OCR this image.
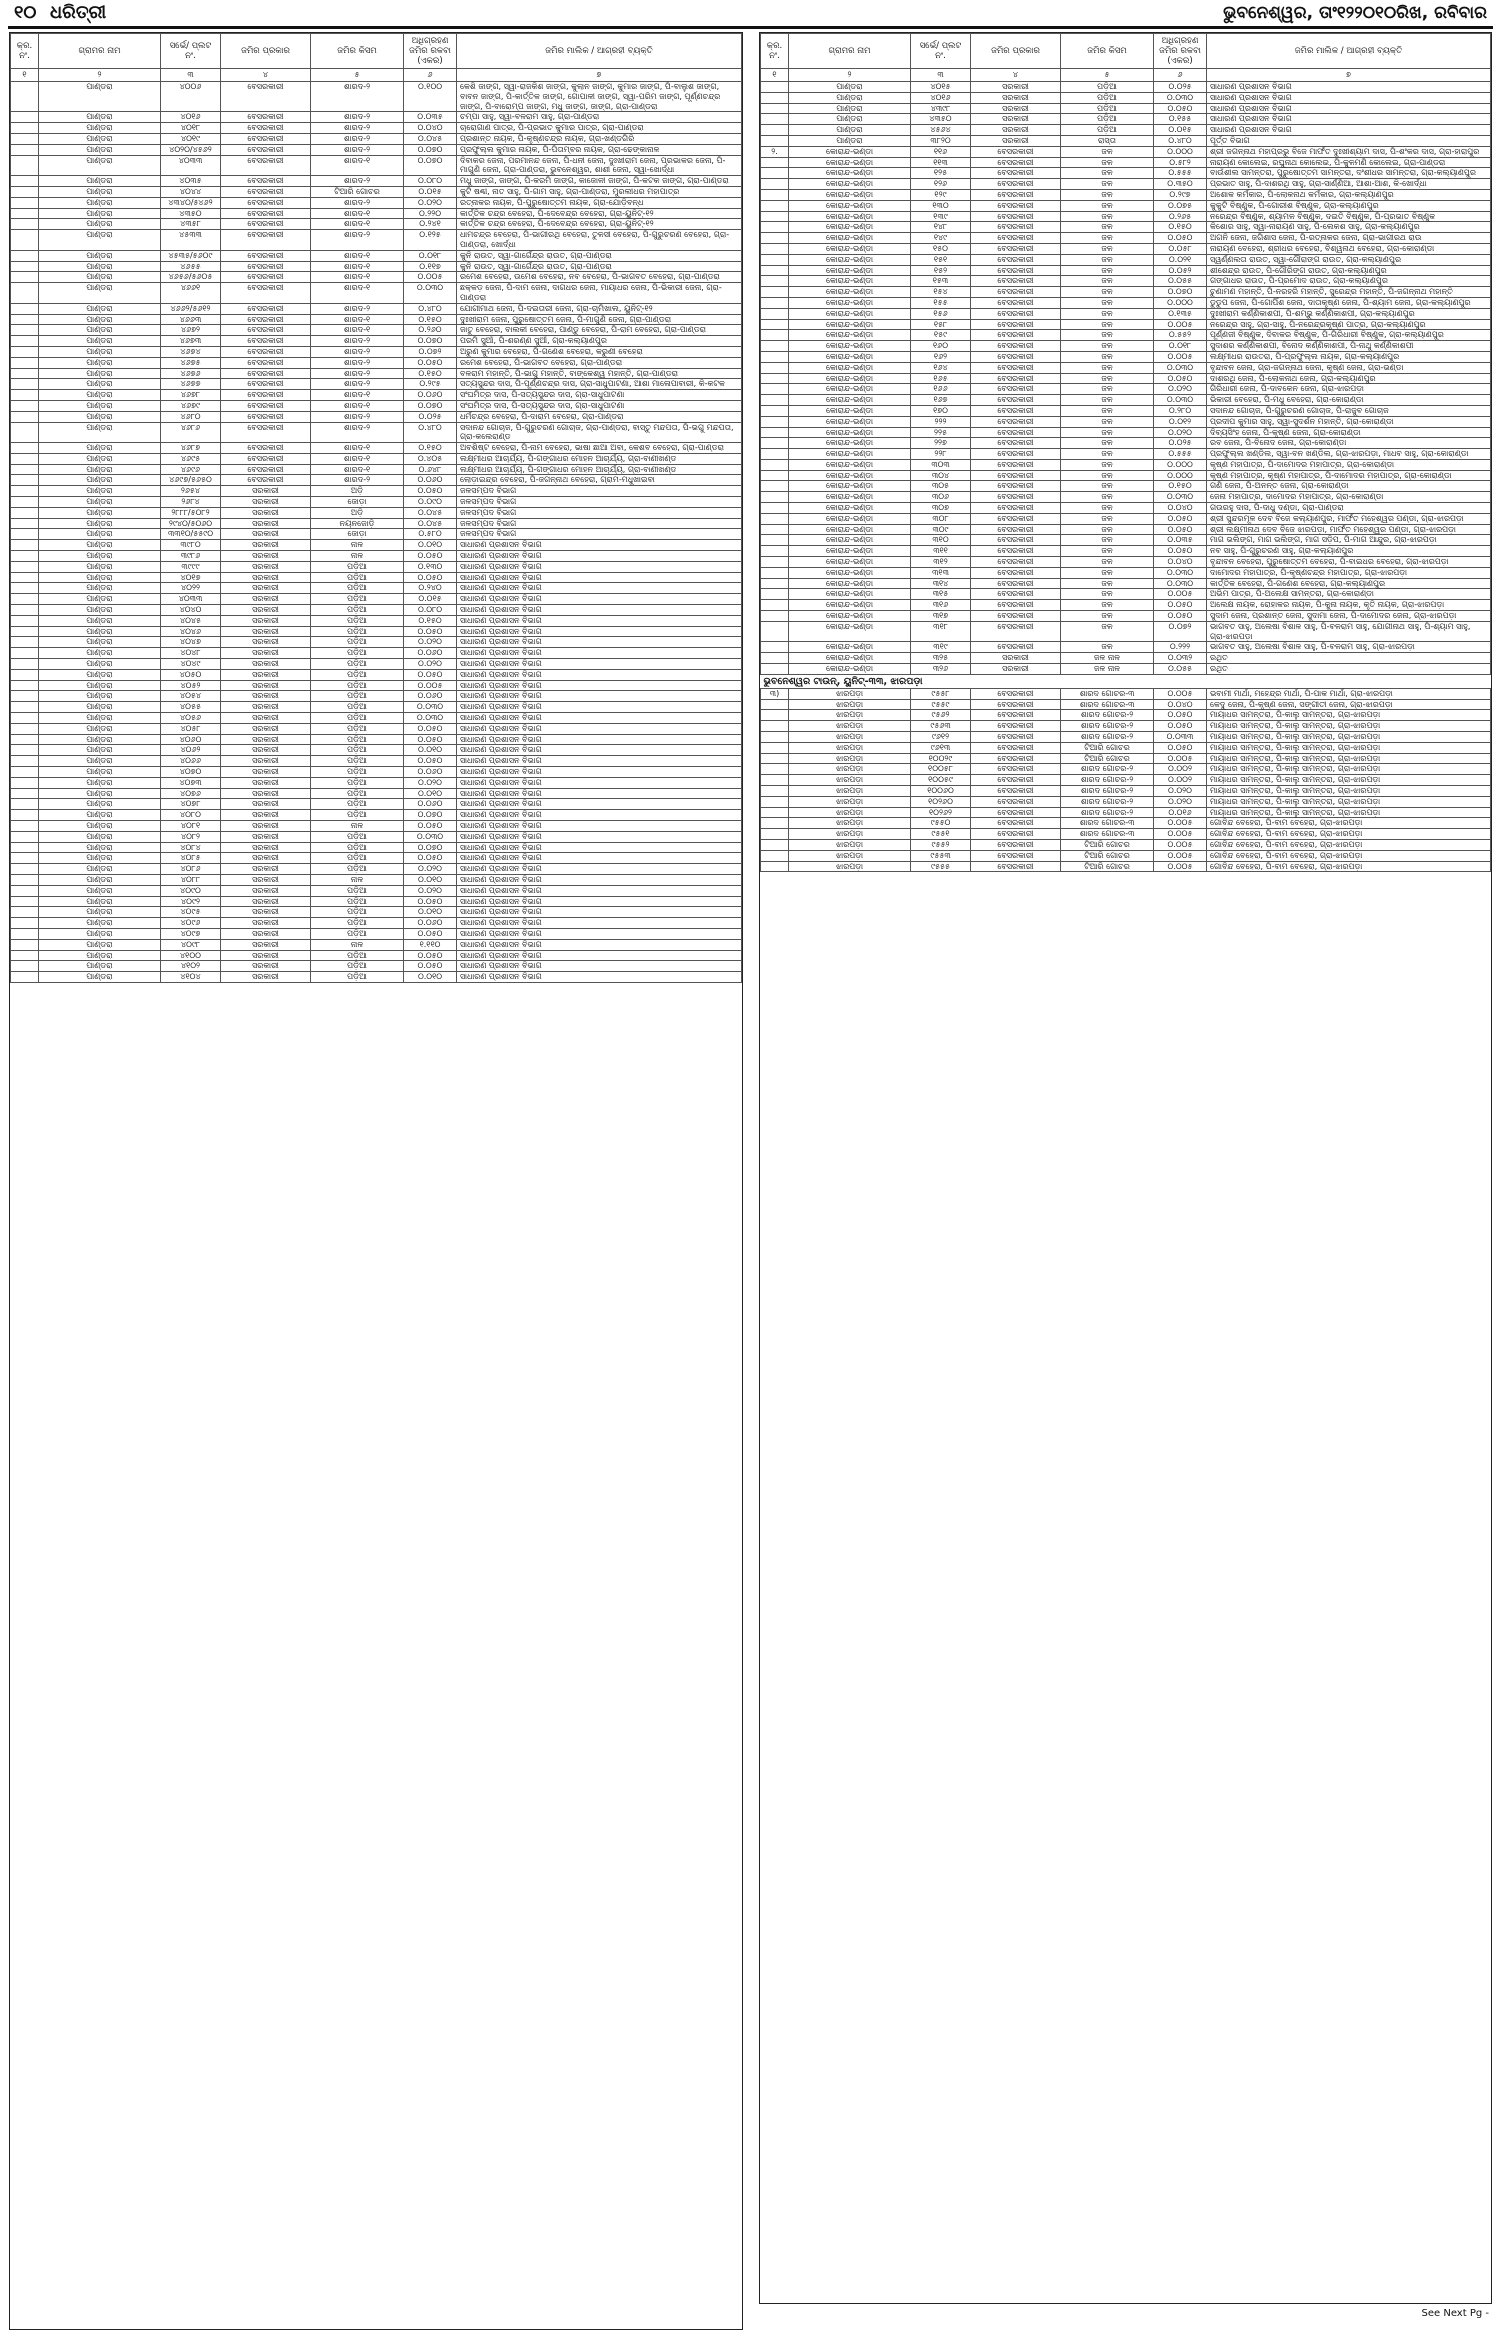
୧୦ ଧରିତ୍ରୀ	ଭୁବନେଶ୍ୱର, ତାଂ୧୨୨୦୧୦ରିଖ, ରବିବାର
କ୍ର. ନଂ.	ଗ୍ରାମର ନାମ	ସର୍ଭେ/ ପ୍ଲଟ ନଂ.	ଜମିର ପ୍ରକାର	ଜମିର କିସମ	ଅଧିଗ୍ରହଣ ଜମିର ରକବା (ଏକର)	ଜମିର ମାଲିକ / ଆଗ୍ରହୀ ବ୍ୟକ୍ତି
୧	୨	୩	୪	୫	୬	୭
	ପାଣ୍ଡରା	୪୦୦୬	ବେସରକାରୀ	ଶାରଦ-୨	୦.୧୦୦	କେଶି ଜାଙ୍ଗ, ସ୍ୱା-ରାଜକିଶ ଜାଙ୍ଗ, କୁଲାନ ଜାଙ୍ଗ, କୁମାର ଜାଙ୍ଗ, ପି-ବାଲୁଶ ଜାଙ୍ଗ, ବାବନ ଜାଙ୍ଗ, ପି-କାର୍ତ୍ତିକ ଜାଙ୍ଗ, ଗୋପାଳୀ ଜାଙ୍ଗ, ସ୍ୱା-ପରିମ ଜାଙ୍ଗ, ପୂର୍ଣ୍ଣଚନ୍ଦ୍ର ଜାଙ୍ଗ, ପି-ବାରୋମ୍ପ ଜାଙ୍ଗ, ମଧୁ ଜାଙ୍ଗ, ଜାଙ୍ଗ, ଗ୍ରା-ପାଣ୍ଡରା
	ପାଣ୍ଡରା	୪୦୧୬	ବେସରକାରୀ	ଶାରଦ-୨	୦.୦୩୫	ଚମ୍ପା ସାହୁ, ସ୍ୱା-ବଳରାମ ସାହୁ, ଗ୍ରା-ପାଣ୍ଡରା
	ପାଣ୍ଡରା	୪୦୧୮	ବେସରକାରୀ	ଶାରଦ-୨	୦.୦୪୦	ଚାରୋଗାଣ ପାତ୍ର, ପି-ପ୍ରଭାତ କୁମାର ପାତ୍ର, ଗ୍ରା-ପାଣ୍ଡରା
	ପାଣ୍ଡରା	୪୦୧୯	ବେସରକାରୀ	ଶାରଦ-୨	୦.୦୪୫	ପ୍ରଶାନ୍ତ ନାୟକ, ପି-କୃଷ୍ଣଚନ୍ଦ୍ର ନାୟକ, ଗ୍ରା-ଖଣ୍ଡଗିରି
	ପାଣ୍ଡରା	୪୦୨୦/୪୫୬୨	ବେସରକାରୀ	ଶାରଦ-୨	୦.୦୭୦	ପ୍ରଫୁଲ୍ଲ କୁମାର ନାୟକ, ପି-ପିତାମ୍ବର ନାୟକ, ଗ୍ରା-ଢେଙ୍କାନାଳ
	ପାଣ୍ଡରା	୪୦୩୩	ବେସରକାରୀ	ଶାରଦ-୧	୦.୦୭୦	ଦିବାକର ଜେନା, ପରମାନନ୍ଦ ଜେନା, ପି-ଧନୀ ଜେନା, ଦୁଃଖୀରାମ ଜେନା, ପ୍ରଭାକର ଜେନା, ପି-ମାଗୁଣି ଜେନା, ଗ୍ରା-ପାଣ୍ଡରା, ଭୁବନେଶ୍ୱର, ଶାଶୀ ଜେନା, ସ୍ୱା-ଖୋର୍ଦ୍ଧା
	ପାଣ୍ଡରା	୪୦୩୫	ବେସରକାରୀ	ଶାରଦ-୨	୦.୦୮୦	ମଧୁ ଜାଙ୍ଗ, ଜାଙ୍ଗ, ପି-କରମି ଜାଙ୍ଗ, କାଜୋଳୀ ଜାଙ୍ଗ, ପି-କଟକ ଜାଙ୍ଗ, ଗ୍ରା-ପାଣ୍ଡରା
	ପାଣ୍ଡରା	୪୦୪୪	ବେସରକାରୀ	ଟିଆରି ଗୋଚର	୦.୦୧୫	କୁଟି ଷଣ୍ଢୀ, ନାତ ସାହୁ, ପି-ଗାମ ସାହୁ, ଗ୍ରା-ପାଣ୍ଡରା, ମୁରଲୀଧର ମହାପାତ୍ର
	ପାଣ୍ଡରା	୪୩୪୦/୫୪୬୨	ବେସରକାରୀ	ଶାରଦ-୨	୦.୦୨୦	ରତ୍ନାକର ନାୟକ, ପି-ପୁରୁଷୋତ୍ତମ ନାୟକ, ଗ୍ରା-ଯୋଡ଼ିବନ୍ଧ
	ପାଣ୍ଡରା	୪୩୫୦	ବେସରକାରୀ	ଶାରଦ-୧	୦.୨୨୦	କାର୍ତ୍ତିକ ଚନ୍ଦ୍ର ବେହେରା, ପି-ଦେବେନ୍ଦ୍ର ବେହେରା, ଗ୍ରା-ୟୁନିଟ୍-୧୨
	ପାଣ୍ଡରା	୪୩୫୮	ବେସରକାରୀ	ଶାରଦ-୧	୦.୨୪୧	କାର୍ତ୍ତିକ ଚନ୍ଦ୍ର ବେହେରା, ପି-ଦେବେନ୍ଦ୍ର ବେହେରା, ଗ୍ରା-ୟୁନିଟ୍-୧୨
	ପାଣ୍ଡରା	୪୫୩୩	ବେସରକାରୀ	ଶାରଦ-୨	୦.୧୨୫	ଧାମଚନ୍ଦ୍ର ବେହେରା, ପି-ଭାଗୀରଥି ବେହେରା, ତୁଳସୀ ବେହେରା, ପି-ଗୁରୁଚରଣ ବେହେରା, ଗ୍ରା-ପାଣ୍ଡରା, ଖୋର୍ଦ୍ଧା
	ପାଣ୍ଡରା	୪୫୩୫/୫୬୦୯	ବେସରକାରୀ	ଶାରଦ-୧	୦.୦୧୮	କୁନି ରାଉତ, ସ୍ୱା-ଗାର୍ଗେନ୍ଦ୍ର ରାଉତ, ଗ୍ରା-ପାଣ୍ଡରା
	ପାଣ୍ଡରା	୪୬୫୫	ବେସରକାରୀ	ଶାରଦ-୧	୦.୧୧୭	କୁନି ରାଉତ, ସ୍ୱା-ଗାର୍ଗେନ୍ଦ୍ର ରାଉତ, ଗ୍ରା-ପାଣ୍ଡରା
	ପାଣ୍ଡରା	୪୬୫୬/୫୬୦୫	ବେସରକାରୀ	ଶାରଦ-୧	୦.୦୦୫	ରମେଶ ବେହେରା, ଉମେଶ ବେହେରା, ନବ ବେହେରା, ପି-ଭାଗବତ ବେହେରା, ଗ୍ରା-ପାଣ୍ଡରା
	ପାଣ୍ଡରା	୪୬୬୧	ବେସରକାରୀ	ଶାରଦ-୧	୦.୦୩୦	ଛକ୍କଡ଼ ଜେନା, ପି-ଦାମ ଜେନା, ଦାଗଧର ଜେନା, ମାୟାଧର ଜେନା, ପି-ଭିକାରୀ ଜେନା, ଗ୍ରା-ପାଣ୍ଡରା
	ପାଣ୍ଡରା	୪୬୬୨/୫୬୧୨	ବେସରକାରୀ	ଶାରଦ-୨	୦.୪୮୦	ଯୋଗୀମାଥ ଜେନା, ପି-ଦଇତାରୀ ଜେନା, ଗ୍ରା-ଚାମିଖାଲ, ୟୁନିଟ୍-୧୨
	ପାଣ୍ଡରା	୪୬୬୩	ବେସରକାରୀ	ଶାରଦ-୧	୦.୧୫୦	ଦୁଃଖୀରାମ ଜେନା, ପୁରୁଷୋତ୍ତମ ଜେନା, ପି-ମାଗୁଣି ଜେନା, ଗ୍ରା-ପାଣ୍ଡରା
	ପାଣ୍ଡରା	୪୬୭୨	ବେସରକାରୀ	ଶାରଦ-୧	୦.୨୬୦	ଜାତୁ ବେହେରା, ବାଲକୀ ବେହେରା, ପାଣ୍ଡୁ ବେହେରା, ପି-ରାମ ବେହେରା, ଗ୍ରା-ପାଣ୍ଡରା
	ପାଣ୍ଡରା	୪୬୭୩	ବେସରକାରୀ	ଶାରଦ-୨	୦.୦୭୦	ପରମି ସୁଆଁ, ପି-ଶରଣ୍ଣ ସୁଆଁ, ଗ୍ରା-କଲ୍ୟାଣପୁର
	ପାଣ୍ଡରା	୪୬୭୪	ବେସରକାରୀ	ଶାରଦ-୨	୦.୦୭୨	ଅରୁଣ କୁମାର ବେହେରା, ପି-ଗଣେଶ ବେହେରା, କରୁଣୀ ବେହେରା
	ପାଣ୍ଡରା	୪୬୭୫	ବେସରକାରୀ	ଶାରଦ-୨	୦.୦୫୦	ରମେଶ ବେହେରା, ପି-ଭାଗବତ ବେହେରା, ଗ୍ରା-ପାଣ୍ଡରା
	ପାଣ୍ଡରା	୪୬୭୬	ବେସରକାରୀ	ଶାରଦ-୨	୦.୧୫୦	ବଳରାମ ମହାନ୍ତି, ପି-ଭାଗୁ ମହାନ୍ତି, ବାଙ୍କେଶ୍ୱ ମହାନ୍ତି, ଗ୍ରା-ପାଣ୍ଡରା
	ପାଣ୍ଡରା	୪୬୭୭	ବେସରକାରୀ	ଶାରଦ-୨	୦.୨୯୫	ସତ୍ୟସୁନ୍ଦର ଦାସ, ପି-ପୂର୍ଣ୍ଣଚନ୍ଦ୍ର ଦାସ, ଗ୍ରା-ସାଧୁପାଟଣା, ଆଶା ମାଳୋପାବାରୀ, କି-କଟକ
	ପାଣ୍ଡରା	୪୬୭୮	ବେସରକାରୀ	ଶାରଦ-୧	୦.୦୬୦	ସଂଘମିତ୍ର ଦାସ, ପି-ସତ୍ୟସୁନ୍ଦର ଦାସ, ଗ୍ରା-ସାଧୁପାଟଣା
	ପାଣ୍ଡରା	୪୬୭୯	ବେସରକାରୀ	ଶାରଦ-୧	୦.୦୭୦	ସଂଘମିତ୍ର ଦାସ, ପି-ସତ୍ୟସୁନ୍ଦର ଦାସ, ଗ୍ରା-ସାଧୁପାଟଣା
	ପାଣ୍ଡରା	୪୬୮୦	ବେସରକାରୀ	ଶାରଦ-୨	୦.୦୨୫	ଧର୍ମଚନ୍ଦ୍ର ବେହେରା, ପି-ଦାରାମ ବେହେରା, ଗ୍ରା-ପାଣ୍ଡରା
	ପାଣ୍ଡରା	୪୬୮୬	ବେସରକାରୀ	ଶାରଦ-୨	୦.୪୮୦	ସଦାନନ୍ଦ ଗୋଚାଜ, ପି-ଗୁରୁଚରଣ ଗୋଚାଜ, ଗ୍ରା-ପାଣ୍ଡରା, ବାସ୍ତୁ ମନ୍ଦପତା, ପି-ଭଗୁ ମନ୍ଦପତା, ଗ୍ରା-କଲେରାଣ୍ଡ
	ପାଣ୍ଡରା	୪୬୮୭	ବେସରକାରୀ	ଶାରଦ-୧	୦.୧୫୦	ଅବଶିଷ୍ଟ ବେହେରା, ପି-ନାମ ବେହେରା, ଭାଷା ଛାଆ ଅବା, କେଶବ ବେହେରା, ଗ୍ରା-ପାଣ୍ଡରା
	ପାଣ୍ଡରା	୪୬୯୫	ବେସରକାରୀ	ଶାରଦ-୧	୦.୪୦୫	ଲକ୍ଷ୍ମୀଧର ଆଚାର୍ଯ୍ୟ, ପି-ଗଙ୍ଗାଧର ମୋହନ ଆଚାର୍ଯ୍ୟ, ଗ୍ରା-ବାଣୀଖଣ୍ଡ
	ପାଣ୍ଡରା	୪୬୯୬	ବେସରକାରୀ	ଶାରଦ-୧	୦.୬୪୮	ଲକ୍ଷ୍ମୀଧର ଆଚାର୍ଯ୍ୟ, ପି-ଗଙ୍ଗାଧର ମୋହନ ଆଚାର୍ଯ୍ୟ, ଗ୍ରା-ବାଣୀଖଣ୍ଡ
	ପାଣ୍ଡରା	୪୬୯୭/୫୬୫୦	ବେସରକାରୀ	ଶାରଦ-୨	୦.୦୬୦	ଲୋଡ଼ାଇନ୍ଦ୍ର ବେହେରା, ପି-ଜଗନ୍ନାଥ ବେହେରା, ଗ୍ରାମ-ମଧୁଖାଇବା
	ପାଣ୍ଡରା	୨୬୫୪	ସରକାରୀ	ଅଡ଼ି	୦.୦୫୦	ଜଳସମ୍ପଦ ବିଭାଗ
	ପାଣ୍ଡରା	୨୬୮୪	ସରକାରୀ	ଜୋଡ଼ା	୦.୦୯୦	ଜଳସମ୍ପଦ ବିଭାଗ
	ପାଣ୍ଡରା	୨୮୮୮/୫୦୮୨	ସରକାରୀ	ଅଡ଼ି	୦.୦୪୫	ଜଳସମ୍ପଦ ବିଭାଗ
	ପାଣ୍ଡରା	୨୯୪୦/୫୦୬୦	ସରକାରୀ	ନୟନଜୋଡ଼ି	୦.୦୪୫	ଜଳସମ୍ପଦ ବିଭାଗ
	ପାଣ୍ଡରା	୩୩୧୦/୫୫୯୦	ସରକାରୀ	ଜୋଡ଼ା	୦.୫୮୦	ଜଳସମ୍ପଦ ବିଭାଗ
	ପାଣ୍ଡରା	୩୯୮୦	ସରକାରୀ	ନାଳ	୦.୦୧୦	ସାଧାରଣ ପ୍ରଶାସନ ବିଭାଗ
	ପାଣ୍ଡରା	୩୯୮୬	ସରକାରୀ	ନାଳ	୦.୦୫୦	ସାଧାରଣ ପ୍ରଶାସନ ବିଭାଗ
	ପାଣ୍ଡରା	୩୯୯୯	ସରକାରୀ	ପଡ଼ିଆ	୦.୧୩୦	ସାଧାରଣ ପ୍ରଶାସନ ବିଭାଗ
	ପାଣ୍ଡରା	୪୦୧୭	ସରକାରୀ	ପଡ଼ିଆ	୦.୦୫୦	ସାଧାରଣ ପ୍ରଶାସନ ବିଭାଗ
	ପାଣ୍ଡରା	୪୦୨୨	ସରକାରୀ	ପଡ଼ିଆ	୦.୨୪୦	ସାଧାରଣ ପ୍ରଶାସନ ବିଭାଗ
	ପାଣ୍ଡରା	୪୦୩୩	ସରକାରୀ	ପଡ଼ିଆ	୦.୦୧୫	ସାଧାରଣ ପ୍ରଶାସନ ବିଭାଗ
	ପାଣ୍ଡରା	୪୦୪୦	ସରକାରୀ	ପଡ଼ିଆ	୦.୦୮୦	ସାଧାରଣ ପ୍ରଶାସନ ବିଭାଗ
	ପାଣ୍ଡରା	୪୦୪୫	ସରକାରୀ	ପଡ଼ିଆ	୦.୧୫୦	ସାଧାରଣ ପ୍ରଶାସନ ବିଭାଗ
	ପାଣ୍ଡରା	୪୦୪୬	ସରକାରୀ	ପଡ଼ିଆ	୦.୦୫୦	ସାଧାରଣ ପ୍ରଶାସନ ବିଭାଗ
	ପାଣ୍ଡରା	୪୦୪୭	ସରକାରୀ	ପଡ଼ିଆ	୦.୦୨୦	ସାଧାରଣ ପ୍ରଶାସନ ବିଭାଗ
	ପାଣ୍ଡରା	୪୦୪୮	ସରକାରୀ	ପଡ଼ିଆ	୦.୦୬୦	ସାଧାରଣ ପ୍ରଶାସନ ବିଭାଗ
	ପାଣ୍ଡରା	୪୦୪୯	ସରକାରୀ	ପଡ଼ିଆ	୦.୦୨୦	ସାଧାରଣ ପ୍ରଶାସନ ବିଭାଗ
	ପାଣ୍ଡରା	୪୦୫୦	ସରକାରୀ	ପଡ଼ିଆ	୦.୦୫୦	ସାଧାରଣ ପ୍ରଶାସନ ବିଭାଗ
	ପାଣ୍ଡରା	୪୦୫୨	ସରକାରୀ	ପଡ଼ିଆ	୦.୦୦୫	ସାଧାରଣ ପ୍ରଶାସନ ବିଭାଗ
	ପାଣ୍ଡରା	୪୦୫୪	ସରକାରୀ	ପଡ଼ିଆ	୦.୦୬୦	ସାଧାରଣ ପ୍ରଶାସନ ବିଭାଗ
	ପାଣ୍ଡରା	୪୦୫୫	ସରକାରୀ	ପଡ଼ିଆ	୦.୦୩୦	ସାଧାରଣ ପ୍ରଶାସନ ବିଭାଗ
	ପାଣ୍ଡରା	୪୦୫୬	ସରକାରୀ	ପଡ଼ିଆ	୦.୦୩୦	ସାଧାରଣ ପ୍ରଶାସନ ବିଭାଗ
	ପାଣ୍ଡରା	୪୦୫୮	ସରକାରୀ	ପଡ଼ିଆ	୦.୦୫୦	ସାଧାରଣ ପ୍ରଶାସନ ବିଭାଗ
	ପାଣ୍ଡରା	୪୦୬୦	ସରକାରୀ	ପଡ଼ିଆ	୦.୦୫୦	ସାଧାରଣ ପ୍ରଶାସନ ବିଭାଗ
	ପାଣ୍ଡରା	୪୦୬୨	ସରକାରୀ	ପଡ଼ିଆ	୦.୦୧୦	ସାଧାରଣ ପ୍ରଶାସନ ବିଭାଗ
	ପାଣ୍ଡରା	୪୦୬୬	ସରକାରୀ	ପଡ଼ିଆ	୦.୦୫୦	ସାଧାରଣ ପ୍ରଶାସନ ବିଭାଗ
	ପାଣ୍ଡରା	୪୦୭୦	ସରକାରୀ	ପଡ଼ିଆ	୦.୦୬୦	ସାଧାରଣ ପ୍ରଶାସନ ବିଭାଗ
	ପାଣ୍ଡରା	୪୦୭୩	ସରକାରୀ	ପଡ଼ିଆ	୦.୦୨୦	ସାଧାରଣ ପ୍ରଶାସନ ବିଭାଗ
	ପାଣ୍ଡରା	୪୦୭୬	ସରକାରୀ	ପଡ଼ିଆ	୦.୦୧୦	ସାଧାରଣ ପ୍ରଶାସନ ବିଭାଗ
	ପାଣ୍ଡରା	୪୦୭୮	ସରକାରୀ	ପଡ଼ିଆ	୦.୦୬୦	ସାଧାରଣ ପ୍ରଶାସନ ବିଭାଗ
	ପାଣ୍ଡରା	୪୦୮୦	ସରକାରୀ	ପଡ଼ିଆ	୦.୦୭୦	ସାଧାରଣ ପ୍ରଶାସନ ବିଭାଗ
	ପାଣ୍ଡରା	୪୦୮୧	ସରକାରୀ	ନାଳ	୦.୦୫୦	ସାଧାରଣ ପ୍ରଶାସନ ବିଭାଗ
	ପାଣ୍ଡରା	୪୦୮୨	ସରକାରୀ	ପଡ଼ିଆ	୦.୦୩୦	ସାଧାରଣ ପ୍ରଶାସନ ବିଭାଗ
	ପାଣ୍ଡରା	୪୦୮୪	ସରକାରୀ	ପଡ଼ିଆ	୦.୦୭୦	ସାଧାରଣ ପ୍ରଶାସନ ବିଭାଗ
	ପାଣ୍ଡରା	୪୦୮୫	ସରକାରୀ	ପଡ଼ିଆ	୦.୦୫୦	ସାଧାରଣ ପ୍ରଶାସନ ବିଭାଗ
	ପାଣ୍ଡରା	୪୦୮୬	ସରକାରୀ	ପଡ଼ିଆ	୦.୦୨୦	ସାଧାରଣ ପ୍ରଶାସନ ବିଭାଗ
	ପାଣ୍ଡରା	୪୦୮୮	ସରକାରୀ	ନାଳ	୦.୦୧୦	ସାଧାରଣ ପ୍ରଶାସନ ବିଭାଗ
	ପାଣ୍ଡରା	୪୦୯୦	ସରକାରୀ	ପଡ଼ିଆ	୦.୦୨୦	ସାଧାରଣ ପ୍ରଶାସନ ବିଭାଗ
	ପାଣ୍ଡରା	୪୦୯୨	ସରକାରୀ	ପଡ଼ିଆ	୦.୦୫୦	ସାଧାରଣ ପ୍ରଶାସନ ବିଭାଗ
	ପାଣ୍ଡରା	୪୦୯୫	ସରକାରୀ	ପଡ଼ିଆ	୦.୦୧୦	ସାଧାରଣ ପ୍ରଶାସନ ବିଭାଗ
	ପାଣ୍ଡରା	୪୦୯୬	ସରକାରୀ	ପଡ଼ିଆ	୦.୦୬୦	ସାଧାରଣ ପ୍ରଶାସନ ବିଭାଗ
	ପାଣ୍ଡରା	୪୦୯୭	ସରକାରୀ	ପଡ଼ିଆ	୦.୦୫୦	ସାଧାରଣ ପ୍ରଶାସନ ବିଭାଗ
	ପାଣ୍ଡରା	୪୦୯୮	ସରକାରୀ	ନାଳ	୧.୧୧୦	ସାଧାରଣ ପ୍ରଶାସନ ବିଭାଗ
	ପାଣ୍ଡରା	୪୧୦୦	ସରକାରୀ	ପଡ଼ିଆ	୦.୦୫୦	ସାଧାରଣ ପ୍ରଶାସନ ବିଭାଗ
	ପାଣ୍ଡରା	୪୧୦୨	ସରକାରୀ	ପଡ଼ିଆ	୦.୦୫୦	ସାଧାରଣ ପ୍ରଶାସନ ବିଭାଗ
	ପାଣ୍ଡରା	୪୧୦୪	ସରକାରୀ	ପଡ଼ିଆ	୦.୦୧୦	ସାଧାରଣ ପ୍ରଶାସନ ବିଭାଗ
କ୍ର. ନଂ.	ଗ୍ରାମର ନାମ	ସର୍ଭେ/ ପ୍ଲଟ ନଂ.	ଜମିର ପ୍ରକାର	ଜମିର କିସମ	ଅଧିଗ୍ରହଣ ଜମିର ରକବା (ଏକର)	ଜମିର ମାଲିକ / ଆଗ୍ରହୀ ବ୍ୟକ୍ତି
୧	୨	୩	୪	୫	୬	୭
	ପାଣ୍ଡରା	୪୦୧୫	ସରକାରୀ	ପଡ଼ିଆ	୦.୦୨୫	ସାଧାରଣ ପ୍ରଶାସନ ବିଭାଗ
	ପାଣ୍ଡରା	୪୦୧୬	ସରକାରୀ	ପଡ଼ିଆ	୦.୦୩୦	ସାଧାରଣ ପ୍ରଶାସନ ବିଭାଗ
	ପାଣ୍ଡରା	୪୩୯୮	ସରକାରୀ	ପଡ଼ିଆ	୦.୦୫୦	ସାଧାରଣ ପ୍ରଶାସନ ବିଭାଗ
	ପାଣ୍ଡରା	୪୩୫୦	ସରକାରୀ	ପଡ଼ିଆ	୦.୧୫୫	ସାଧାରଣ ପ୍ରଶାସନ ବିଭାଗ
	ପାଣ୍ଡରା	୪୫୬୪	ସରକାରୀ	ପଡ଼ିଆ	୦.୦୧୫	ସାଧାରଣ ପ୍ରଶାସନ ବିଭାଗ
	ପାଣ୍ଡରା	୩୮୨୦	ସରକାରୀ	ରାସ୍ତା	୦.୪୮୦	ପୂର୍ତ୍ତ ବିଭାଗ
୨.	କୋରାନ୍ଦ-ଭଣ୍ଡା	୧୧୬	ବେସରକାରୀ	ଜଳ	୦.୦୦୦	ଶ୍ରୀ ଜଗନ୍ନାଥ ମହାପ୍ରଭୁ ବିଜେ ମାର୍ଫତ ଦୁଃଖୀଶ୍ୟାମ ଦାସ, ପି-ଶଂକର ଦାସ, ଗ୍ରା-ହାରାପୁର
	କୋରାନ୍ଦ-ଭଣ୍ଡା	୧୧୩	ବେସରକାରୀ	ଜଳ	୦.୫୮୨	ନାରାୟଣ କୋଲେଇ, ରଘୁନାଥ କୋଲେଇ, ପି-କୁଳମଣି କୋଲେଇ, ଗ୍ରା-ପାଣ୍ଡରା
	କୋରାନ୍ଦ-ଭଣ୍ଡା	୧୨୫	ବେସରକାରୀ	ଜଳ	୦.୫୫୫	ବାଉଁଶୀଲ ସାମନ୍ତରା, ପୁରୁଷୋତ୍ତମ ସାମନ୍ତରା, ଦଂଶୀଧର ସାମନ୍ତରା, ଗ୍ରା-କଲ୍ୟାଣପୁର
	କୋରାନ୍ଦ-ଭଣ୍ଡା	୧୨୬	ବେସରକାରୀ	ଜଳ	୦.୩୫୦	ପ୍ରଭାତ ସାହୁ, ପି-ଦାଶରଥି ସାହୁ, ଗ୍ରା-ସାର୍ଣ୍ଣିଆ, ଆଶା-ଆଶ, କି-ଖୋର୍ଦ୍ଧା
	କୋରାନ୍ଦ-ଭଣ୍ଡା	୧୨୯	ବେସରକାରୀ	ଜଳ	୦.୨୯୭	ଅଶୋକ କର୍ମକାର, ପି-ଲୋକନାଥ କର୍ମକାର, ଗ୍ରା-କଲ୍ୟାଣପୁର
	କୋରାନ୍ଦ-ଭଣ୍ଡା	୧୩୦	ବେସରକାରୀ	ଜଳ	୦.୦୭୫	କୁକୁଟି ବିଷ୍ଣୁକ, ପି-ଗୋରୀଶ ବିଷ୍ଣୁକ, ଗ୍ରା-କଲ୍ୟାଣପୁର
	କୋରାନ୍ଦ-ଭଣ୍ଡା	୧୩୯	ବେସରକାରୀ	ଜଳ	୦.୨୬୫	ନରେନ୍ଦ୍ର ବିଷ୍ଣୁକ, ଶ୍ୟାମଳ ବିଷ୍ଣୁକ, ଦଇତି ବିଷ୍ଣୁକ, ପି-ପ୍ରଭାତ ବିଷ୍ଣୁକ
	କୋରାନ୍ଦ-ଭଣ୍ଡା	୧୪୮	ବେସରକାରୀ	ଜଳ	୦.୧୫୦	କିଶୋର ସାହୁ, ସ୍ୱା-ନାରାୟଣ ସାହୁ, ପି-ଲେକଶ ସାହୁ, ଗ୍ରା-କଲ୍ୟାଣପୁର
	କୋରାନ୍ଦ-ଭଣ୍ଡା	୧୪୯	ବେସରକାରୀ	ଜଳ	୦.୦୫୦	ଅଗନି ଜେନା, ଜଗିଶାସ ଜେନା, ପି-ରତ୍ନାକର ଜେନା, ଗ୍ରା-ଭାଗୀରଥ ରାଉ
	କୋରାନ୍ଦ-ଭଣ୍ଡା	୧୫୦	ବେସରକାରୀ	ଜଳ	୦.୦୫୮	ନାରାୟଣ ବେହେରା, ଶ୍ରୀଧର ବେହେରା, ବିଶ୍ୱନାଥ ବେହେରା, ଗ୍ରା-କୋରାଣ୍ଡା
	କୋରାନ୍ଦ-ଭଣ୍ଡା	୧୫୧	ବେସରକାରୀ	ଜଳ	୦.୦୨୧	ସ୍ୱର୍ଣ୍ଣଲତା ରାଉତ, ସ୍ୱା-ଗୌରାଙ୍ଗ ରାଉତ, ଗ୍ରା-କଲ୍ୟାଣପୁର
	କୋରାନ୍ଦ-ଭଣ୍ଡା	୧୫୨	ବେସରକାରୀ	ଜଳ	୦.୦୫୨	ଶୀଶେନ୍ଦ୍ର ରାଉତ, ପି-ଗୌରିଙ୍ଗ ରାଉତ, ଗ୍ରା-କଲ୍ୟାଣପୁର
	କୋରାନ୍ଦ-ଭଣ୍ଡା	୧୫୩	ବେସରକାରୀ	ଜଳ	୦.୦୫୫	ଗଙ୍ଗାଧର ରାଉତ, ପି-ପ୍ରମୋଦ ରାଉତ, ଗ୍ରା-କଲ୍ୟାଣପୁର
	କୋରାନ୍ଦ-ଭଣ୍ଡା	୧୫୪	ବେସରକାରୀ	ଜଳ	୦.୦୭୦	ଚୁଣାମଣ ମହାନ୍ତି, ପି-ନରହରି ମହାନ୍ତି, ସୁରେନ୍ଦ୍ର ମହାନ୍ତି, ପି-ଜଗନ୍ନାଥ ମହାନ୍ତି
	କୋରାନ୍ଦ-ଭଣ୍ଡା	୧୫୫	ବେସରକାରୀ	ଜଳ	୦.୦୦୦	ଡୁଡୁପ ଜେନା, ପି-ଗୋପିଁଶ ଜେନା, ଦାତାକୃଷ୍ଣ ଜେନା, ପି-ଶ୍ୟାମ ଜେନା, ଗ୍ରା-କଲ୍ୟାଣପୁର
	କୋରାନ୍ଦ-ଭଣ୍ଡା	୧୫୬	ବେସରକାରୀ	ଜଳ	୦.୧୩୫	ଦୁଃଖୀରାମ କର୍ଣ୍ଣିକାଶପୀ, ପି-ଶମ୍ଭୁ କର୍ଣ୍ଣିକାଶପୀ, ଗ୍ରା-କଲ୍ୟାଣପୁର
	କୋରାନ୍ଦ-ଭଣ୍ଡା	୧୫୮	ବେସରକାରୀ	ଜଳ	୦.୦୦୫	ନରେନ୍ଦ୍ର ସାହୁ, ଗ୍ରା-ସାହୁ, ପି-ନରେନ୍ଦ୍ରକୃଷ୍ଣ ପାତ୍ର, ଗ୍ରା-କଲ୍ୟାଣପୁର
	କୋରାନ୍ଦ-ଭଣ୍ଡା	୧୫୯	ବେସରକାରୀ	ଜଳ	୦.୫୫୨	ପୂର୍ଣ୍ଣଜୀ ବିଷ୍ଣୁକ, ଦିବାକର ବିଷ୍ଣୁକ, ପି-ଗିରିଧାରୀ ବିଷ୍ଣୁକ, ଗ୍ରା-କଲ୍ୟାଣପୁର
	କୋରାନ୍ଦ-ଭଣ୍ଡା	୧୬୦	ବେସରକାରୀ	ଜଳ	୦.୦୧୮	ସୁଦାଶର କର୍ଣ୍ଣିକାଶପୀ, ବିନୋଦ କର୍ଣ୍ଣିକାଶପୀ, ପି-ନାଥୁ କର୍ଣ୍ଣିକାଶପୀ
	କୋରାନ୍ଦ-ଭଣ୍ଡା	୧୬୨	ବେସରକାରୀ	ଜଳ	୦.୦୦୫	ଲକ୍ଷ୍ମୀଧର ରାଉତରା, ପି-ପ୍ରଫୁଲ୍ଲ ନାୟକ, ଗ୍ରା-କଲ୍ୟାଣପୁର
	କୋରାନ୍ଦ-ଭଣ୍ଡା	୧୬୪	ବେସରକାରୀ	ଜଳ	୦.୦୩୦	ବୃନ୍ଦାବନ ଜେନା, ଗ୍ରା-ଜଗନ୍ନାଥ ଜେନା, କୃଷ୍ଣ ଜେନା, ଗ୍ରା-ଭଣ୍ଡା
	କୋରାନ୍ଦ-ଭଣ୍ଡା	୧୬୫	ବେସରକାରୀ	ଜଳ	୦.୦୫୦	ଦାଶରଥି ଜେନା, ପି-ଲୋକନାଥ ଜେନା, ଗ୍ରା-କଲ୍ୟାଣପୁର
	କୋରାନ୍ଦ-ଭଣ୍ଡା	୧୬୬	ବେସରକାରୀ	ଜଳ	୦.୦୨୦	ଗିରିଧାରୀ ଜେନା, ପି-ଦାବକେନ ଜେନା, ଗ୍ରା-ଝାରପଡ଼ା
	କୋରାନ୍ଦ-ଭଣ୍ଡା	୧୬୭	ବେସରକାରୀ	ଜଳ	୦.୦୩୦	ଭିକାରୀ ବେହେରା, ପି-ମଧୁ ବେହେରା, ଗ୍ରା-କୋରାଣ୍ଡା
	କୋରାନ୍ଦ-ଭଣ୍ଡା	୧୭୦	ବେସରକାରୀ	ଜଳ	୦.୨୮୦	ସଦାନନ୍ଦ ଗୋଚାଜ, ପି-ଗୁରୁଚରଣ ଗୋଚାଜ, ପି-ରାଜୁବ ଗୋଚାଜ
	କୋରାନ୍ଦ-ଭଣ୍ଡା	୨୨୨	ବେସରକାରୀ	ଜଳ	୦.୦୧୨	ପ୍ରଦୀପ କୁମାର ସାହୁ, ସ୍ୱା-ସୁଦର୍ଶନ ମହାନ୍ତି, ଗ୍ରା-କୋରାଣ୍ଡା
	କୋରାନ୍ଦ-ଭଣ୍ଡା	୨୨୫	ବେସରକାରୀ	ଜଳ	୦.୦୨୦	ଦିବ୍ୟସିଂହ ଜେନା, ପି-କୃଷ୍ଣ ଜେନା, ଗ୍ରା-କୋରାଣ୍ଡା
	କୋରାନ୍ଦ-ଭଣ୍ଡା	୨୨୭	ବେସରକାରୀ	ଜଳ	୦.୦୨୫	ରବ ଜେନା, ପି-ବିନୋଦ ଜେନା, ଗ୍ରା-କୋରାଣ୍ଡା
	କୋରାନ୍ଦ-ଭଣ୍ଡା	୨୨୮	ବେସରକାରୀ	ଜଳ	୦.୫୫୫	ପ୍ରଫୁଲ୍ଲ ଖଣ୍ଡିଲ, ସ୍ୱା-ବନ ଖଣ୍ଡିଲ, ଗ୍ରା-ଝାରପଡ଼ା, ମାଧବ ସାହୁ, ଗ୍ରା-କୋରାଣ୍ଡା
	କୋରାନ୍ଦ-ଭଣ୍ଡା	୩୦୩	ବେସରକାରୀ	ଜଳ	୦.୦୦୦	କୃଷ୍ଣ ମହାପାତ୍ର, ପି-ଦାମୋଦର ମହାପାତ୍ର, ଗ୍ରା-କୋରାଣ୍ଡା
	କୋରାନ୍ଦ-ଭଣ୍ଡା	୩୦୪	ବେସରକାରୀ	ଜଳ	୦.୦୦୦	କୃଷ୍ଣ ମହାପାତ୍ର, କୃଷ୍ଣ ମହାପାତ୍ର, ପି-ଦାମୋଦର ମହାପାତ୍ର, ଗ୍ରା-କୋରାଣ୍ଡା
	କୋରାନ୍ଦ-ଭଣ୍ଡା	୩୦୫	ବେସରକାରୀ	ଜଳ	୦.୧୫୦	ଗଣି ଜେନା, ପି-ଅନନ୍ତ ଜେନା, ଗ୍ରା-କୋରାଣ୍ଡା
	କୋରାନ୍ଦ-ଭଣ୍ଡା	୩୦୬	ବେସରକାରୀ	ଜଳ	୦.୦୩୦	ଜେନା ମହାପାତ୍ର, ଦାମୋଦର ମହାପାତ୍ର, ଗ୍ରା-କୋରାଣ୍ଡା
	କୋରାନ୍ଦ-ଭଣ୍ଡା	୩୦୭	ବେସରକାରୀ	ଜଳ	୦.୦୪୦	ଗଉରହୁ ଦାସ, ପି-ଦାଧୁ ଦଣ୍ଡା, ଗ୍ରା-ପାଣ୍ଡରା
	କୋରାନ୍ଦ-ଭଣ୍ଡା	୩୦୮	ବେସରକାରୀ	ଜଳ	୦.୦୫୦	ଶ୍ରୀ ସୁନ୍ଦରମୂଳ ଦେବ ବିଜେ କଲ୍ୟାଣପୁର, ମାର୍ଫତ ମହେଶ୍ୱର ପଣ୍ଡା, ଗ୍ରା-ଝାରପଡ଼ା
	କୋରାନ୍ଦ-ଭଣ୍ଡା	୩୦୯	ବେସରକାରୀ	ଜଳ	୦.୦୫୦	ଶ୍ରୀ ଲକ୍ଷ୍ମୀନାଥ ଦେବ ବିଜେ ଝାରପଡ଼ା, ମାର୍ଫତ ମହେଶ୍ୱର ପଣ୍ଡା, ଗ୍ରା-ଝାରପଡ଼ା
	କୋରାନ୍ଦ-ଭଣ୍ଡା	୩୧୦	ବେସରକାରୀ	ଜଳ	୦.୦୩୫	ମାଗ ଭଲିଙ୍ଗ, ମାଗ ଭଲିଙ୍ଗ, ମାଗ ସଡ଼ିପ, ପି-ମାଗ ଆନ୍ଦୁର, ଗ୍ରା-ଝାରପଡ଼ା
	କୋରାନ୍ଦ-ଭଣ୍ଡା	୩୧୧	ବେସରକାରୀ	ଜଳ	୦.୦୫୦	ନବ ସାହୁ, ପି-ଗୁରୁଚରଣ ସାହୁ, ଗ୍ରା-କଲ୍ୟାଣପୁର
	କୋରାନ୍ଦ-ଭଣ୍ଡା	୩୧୨	ବେସରକାରୀ	ଜଳ	୦.୦୪୦	ବୃନ୍ଦାବନ ବେହେରା, ପୁରୁଷୋତ୍ତମ ବେହେରା, ପି-ବାଇଧର ବେହେରା, ଗ୍ରା-ଝାରପଡ଼ା
	କୋରାନ୍ଦ-ଭଣ୍ଡା	୩୧୩	ବେସରକାରୀ	ଜଳ	୦.୦୩୦	ଦାମୋଦର ମହାପାତ୍ର, ପି-କୃଷ୍ଣଚନ୍ଦ୍ର ମହାପାତ୍ର, ଗ୍ରା-ଝାରପଡ଼ା
	କୋରାନ୍ଦ-ଭଣ୍ଡା	୩୧୪	ବେସରକାରୀ	ଜଳ	୦.୦୩୦	କାର୍ତ୍ତିକ ବେହେରା, ପି-ଗଣେଶ ବେହେରା, ଗ୍ରା-କଲ୍ୟାଣପୁର
	କୋରାନ୍ଦ-ଭଣ୍ଡା	୩୧୫	ବେସରକାରୀ	ଜଳ	୦.୦୦୫	ଅଭିମ ପାତ୍ର, ପି-ଅଲେକ୍ଷ ସାମନ୍ତରା, ଗ୍ରା-କୋରାଣ୍ଡା
	କୋରାନ୍ଦ-ଭଣ୍ଡା	୩୧୬	ବେସରକାରୀ	ଜଳ	୦.୦୫୦	ଅଲେକ୍ଷ ନାୟକ, ରୋହାକର ନାୟକ, ପି-କୁନା ନାୟକ, କୃତି ନାୟକ, ଗ୍ରା-ଝାରପଡ଼ା
	କୋରାନ୍ଦ-ଭଣ୍ଡା	୩୧୭	ବେସରକାରୀ	ଜଳ	୦.୦୫୦	ସୁଦାମ ଜେନା, ପ୍ରଶାନ୍ତ ଜେନା, ସୁଦାମା ଜେନା, ପି-ଦାମୋଦର ଜେନା, ଗ୍ରା-ଝାରପଡ଼ା
	କୋରାନ୍ଦ-ଭଣ୍ଡା	୩୧୮	ବେସରକାରୀ	ଜଳ	୦.୦୭୨	ଭାଗବତ ସାହୁ, ଅଲେଷା ବିଶାଳ ସାହୁ, ପି-ବଳରାମ ସାହୁ, ଯୋଗୀନାଥ ସାହୁ, ପି-ଶ୍ୟାମ ସାହୁ, ଗ୍ରା-ଝାରପଡ଼ା
	କୋରାନ୍ଦ-ଭଣ୍ଡା	୩୧୯	ବେସରକାରୀ	ଜଳ	୦.୨୨୨	ଭାଗବତ ସାହୁ, ଅଲେଷା ବିଶାଳ ସାହୁ, ପି-ବଳରାମ ସାହୁ, ଗ୍ରା-ଝାରପଡ଼ା
	କୋରାନ୍ଦ-ଭଣ୍ଡା	୩୨୫	ସରକାରୀ	ଜଳ ନାଳ	୦.୦୩୨	ରଥିତ
	କୋରାନ୍ଦ-ଭଣ୍ଡା	୩୨୬	ସରକାରୀ	ଜଳ ନାଳ	୦.୦୫୫	ରଥିତ
ଭୁବନେଶ୍ୱର ଟାଉନ୍, ୟୁନିଟ୍-୩୩, ଝାରପଡ଼ା						
୩)	ଝାରପଡ଼ା	୯୫୫୮	ବେସରକାରୀ	ଶାରଦ ଗୋଚର-୩	୦.୦୦୫	ଭବାମୀ ମାର୍ଥା, ମହେନ୍ଦ୍ର ମାର୍ଥା, ପି-ପାକ ମାର୍ଥା, ଗ୍ରା-ଝାରପଡ଼ା
	ଝାରପଡ଼ା	୯୫୫୯	ବେସରକାରୀ	ଶାରଦ ଗୋଚର-୩	୦.୦୪୦	କେଦୁ ଜେନା, ପି-କୃଷ୍ଣ ଜେନା, ସଙ୍ଗୀତୀ ଜେନା, ଗ୍ରା-ଝାରପଡ଼ା
	ଝାରପଡ଼ା	୯୫୬୨	ବେସରକାରୀ	ଶାରଦ ଗୋଚର-୨	୦.୦୫୦	ମାୟାଧର ସାମନ୍ତରା, ପି-କାଲୁ ସାମନ୍ତରା, ଗ୍ରା-ଝାରପଡ଼ା
	ଝାରପଡ଼ା	୯୫୬୩	ବେସରକାରୀ	ଶାରଦ ଗୋଚର-୨	୦.୦୫୦	ମାୟାଧର ସାମନ୍ତରା, ପି-କାଲୁ ସାମନ୍ତରା, ଗ୍ରା-ଝାରପଡ଼ା
	ଝାରପଡ଼ା	୯୬୧୨	ବେସରକାରୀ	ଶାରଦ ଗୋଚର-୨	୦.୦୩୩	ମାୟାଧର ସାମନ୍ତରା, ପି-କାଲୁ ସାମନ୍ତରା, ଗ୍ରା-ଝାରପଡ଼ା
	ଝାରପଡ଼ା	୯୬୧୩	ବେସରକାରୀ	ଟିଆରି ଗୋଚର	୦.୦୫୦	ମାୟାଧର ସାମନ୍ତରା, ପି-କାଲୁ ସାମନ୍ତରା, ଗ୍ରା-ଝାରପଡ଼ା
	ଝାରପଡ଼ା	୧୦୦୨୯	ବେସରକାରୀ	ଟିଆରି ଗୋଚର	୦.୦୦୫	ମାୟାଧର ସାମନ୍ତରା, ପି-କାଲୁ ସାମନ୍ତରା, ଗ୍ରା-ଝାରପଡ଼ା
	ଝାରପଡ଼ା	୧୦୦୫୮	ବେସରକାରୀ	ଶାରଦ ଗୋଚର-୨	୦.୦୦୨	ମାୟାଧର ସାମନ୍ତରା, ପି-କାଲୁ ସାମନ୍ତରା, ଗ୍ରା-ଝାରପଡ଼ା
	ଝାରପଡ଼ା	୧୦୦୫୯	ବେସରକାରୀ	ଶାରଦ ଗୋଚର-୨	୦.୦୦୨	ମାୟାଧର ସାମନ୍ତରା, ପି-କାଲୁ ସାମନ୍ତରା, ଗ୍ରା-ଝାରପଡ଼ା
	ଝାରପଡ଼ା	୧୦୦୬୦	ବେସରକାରୀ	ଶାରଦ ଗୋଚର-୨	୦.୦୨୦	ମାୟାଧର ସାମନ୍ତରା, ପି-କାଲୁ ସାମନ୍ତରା, ଗ୍ରା-ଝାରପଡ଼ା
	ଝାରପଡ଼ା	୧୦୨୬୦	ବେସରକାରୀ	ଶାରଦ ଗୋଚର-୨	୦.୦୨୦	ମାୟାଧର ସାମନ୍ତରା, ପି-କାଲୁ ସାମନ୍ତରା, ଗ୍ରା-ଝାରପଡ଼ା
	ଝାରପଡ଼ା	୧୦୨୬୨	ବେସରକାରୀ	ଶାରଦ ଗୋଚର-୨	୦.୦୧୬	ମାୟାଧର ସାମନ୍ତରା, ପି-କାଲୁ ସାମନ୍ତରା, ଗ୍ରା-ଝାରପଡ଼ା
	ଝାରପଡ଼ା	୯୫୫୦	ବେସରକାରୀ	ଶାରଦ ଗୋଚର-୩	୦.୦୦୫	ଗୋବିନ୍ଦ ବେହେରା, ପି-ବାମ ବେହେରା, ଗ୍ରା-ଝାରପଡ଼ା
	ଝାରପଡ଼ା	୯୫୫୧	ବେସରକାରୀ	ଶାରଦ ଗୋଚର-୩	୦.୦୦୫	ଗୋବିନ୍ଦ ବେହେରା, ପି-ବାମ ବେହେରା, ଗ୍ରା-ଝାରପଡ଼ା
	ଝାରପଡ଼ା	୯୫୫୨	ବେସରକାରୀ	ଟିଆରି ଗୋଚର	୦.୦୦୫	ଗୋବିନ୍ଦ ବେହେରା, ପି-ବାମ ବେହେରା, ଗ୍ରା-ଝାରପଡ଼ା
	ଝାରପଡ଼ା	୯୫୫୩	ବେସରକାରୀ	ଟିଆରି ଗୋଚର	୦.୦୦୫	ଗୋବିନ୍ଦ ବେହେରା, ପି-ବାମ ବେହେରା, ଗ୍ରା-ଝାରପଡ଼ା
	ଝାରପଡ଼ା	୯୫୫୫	ବେସରକାରୀ	ଟିଆରି ଗୋଚର	୦.୦୦୫	ଗୋବିନ୍ଦ ବେହେରା, ପି-ବାମ ବେହେରା, ଗ୍ରା-ଝାରପଡ଼ା
See Next Pg -
